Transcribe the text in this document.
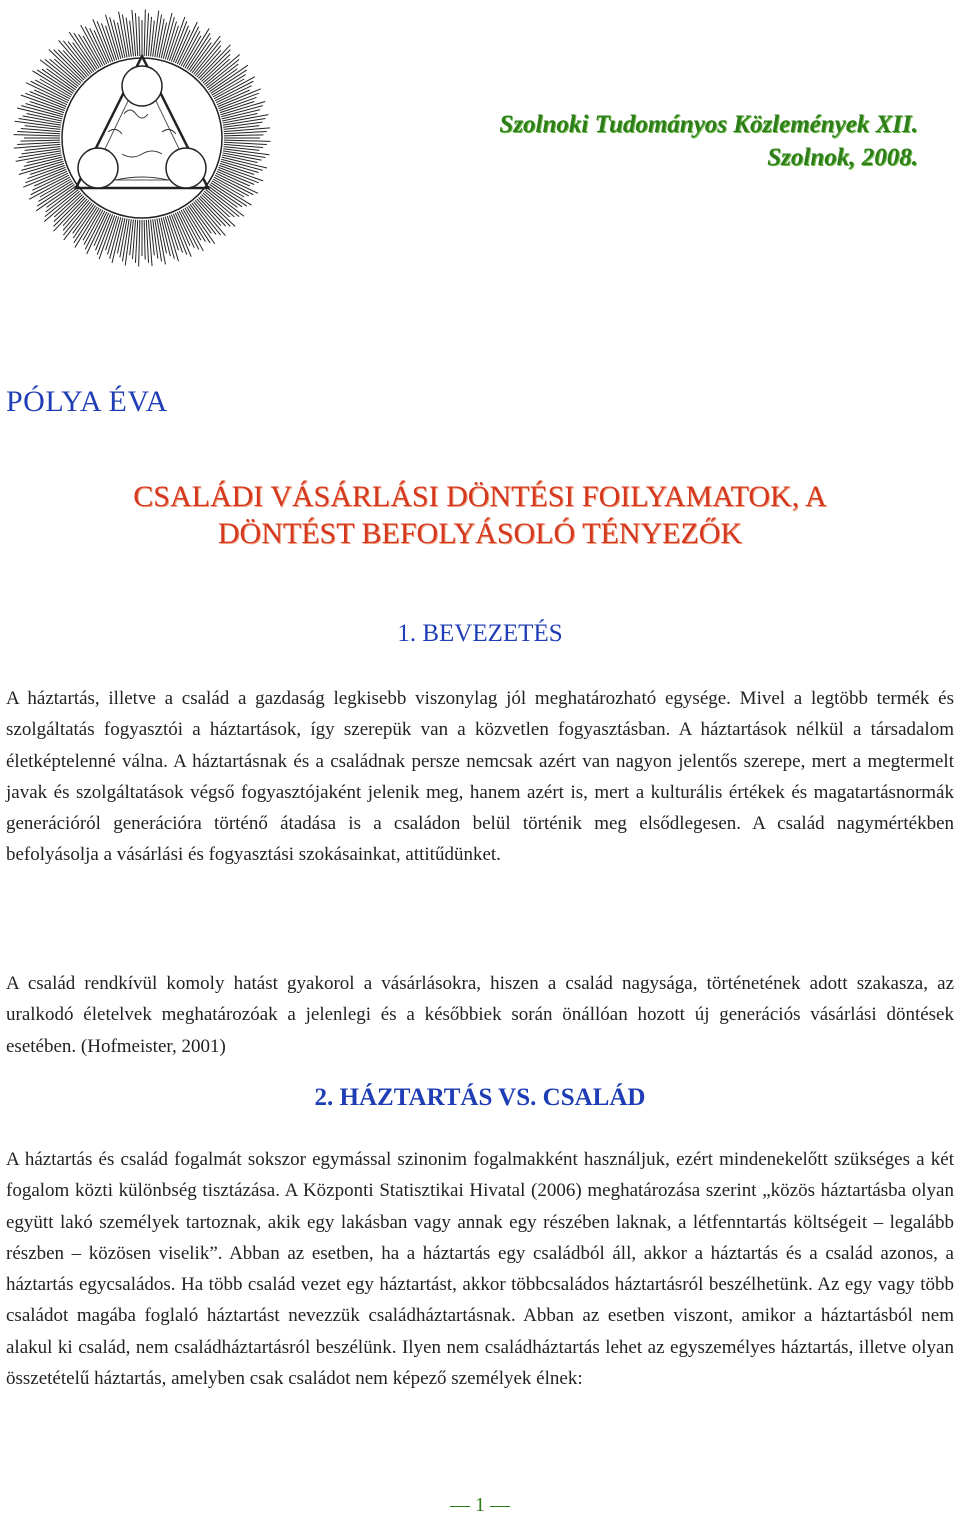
Szolnoki Tudományos Közlemények XII.
Szolnok, 2008.
PÓLYA ÉVA
CSALÁDI VÁSÁRLÁSI DÖNTÉSI FOILYAMATOK, A
DÖNTÉST BEFOLYÁSOLÓ TÉNYEZŐK
1. BEVEZETÉS
A háztartás, illetve a család a gazdaság legkisebb viszonylag jól meghatározható egysége. Mivel a legtöbb termék és szolgáltatás fogyasztói a háztartások, így szerepük van a közvetlen fogyasztásban. A háztartások nélkül a társadalom életképtelenné válna. A háztartásnak és a családnak persze nemcsak azért van nagyon jelentős szerepe, mert a megtermelt javak és szolgáltatások végső fogyasztójaként jelenik meg, hanem azért is, mert a kulturális értékek és magatartásnormák generációról generációra történő átadása is a családon belül történik meg elsődlegesen. A család nagymértékben befolyásolja a vásárlási és fogyasztási szokásainkat, attitűdünket.
A család rendkívül komoly hatást gyakorol a vásárlásokra, hiszen a család nagysága, történetének adott szakasza, az uralkodó életelvek meghatározóak a jelenlegi és a későbbiek során önállóan hozott új generációs vásárlási döntések esetében. (Hofmeister, 2001)
2. HÁZTARTÁS VS. CSALÁD
A háztartás és család fogalmát sokszor egymással szinonim fogalmakként használjuk, ezért mindenekelőtt szükséges a két fogalom közti különbség tisztázása. A Központi Statisztikai Hivatal (2006) meghatározása szerint „közös háztartásba olyan együtt lakó személyek tartoznak, akik egy lakásban vagy annak egy részében laknak, a létfenntartás költségeit – legalább részben – közösen viselik”. Abban az esetben, ha a háztartás egy családból áll, akkor a háztartás és a család azonos, a háztartás egycsaládos. Ha több család vezet egy háztartást, akkor többcsaládos háztartásról beszélhetünk. Az egy vagy több családot magába foglaló háztartást nevezzük családháztartásnak. Abban az esetben viszont, amikor a háztartásból nem alakul ki család, nem családháztartásról beszélünk. Ilyen nem családháztartás lehet az egyszemélyes háztartás, illetve olyan összetételű háztartás, amelyben csak családot nem képező személyek élnek:
— 1 —
